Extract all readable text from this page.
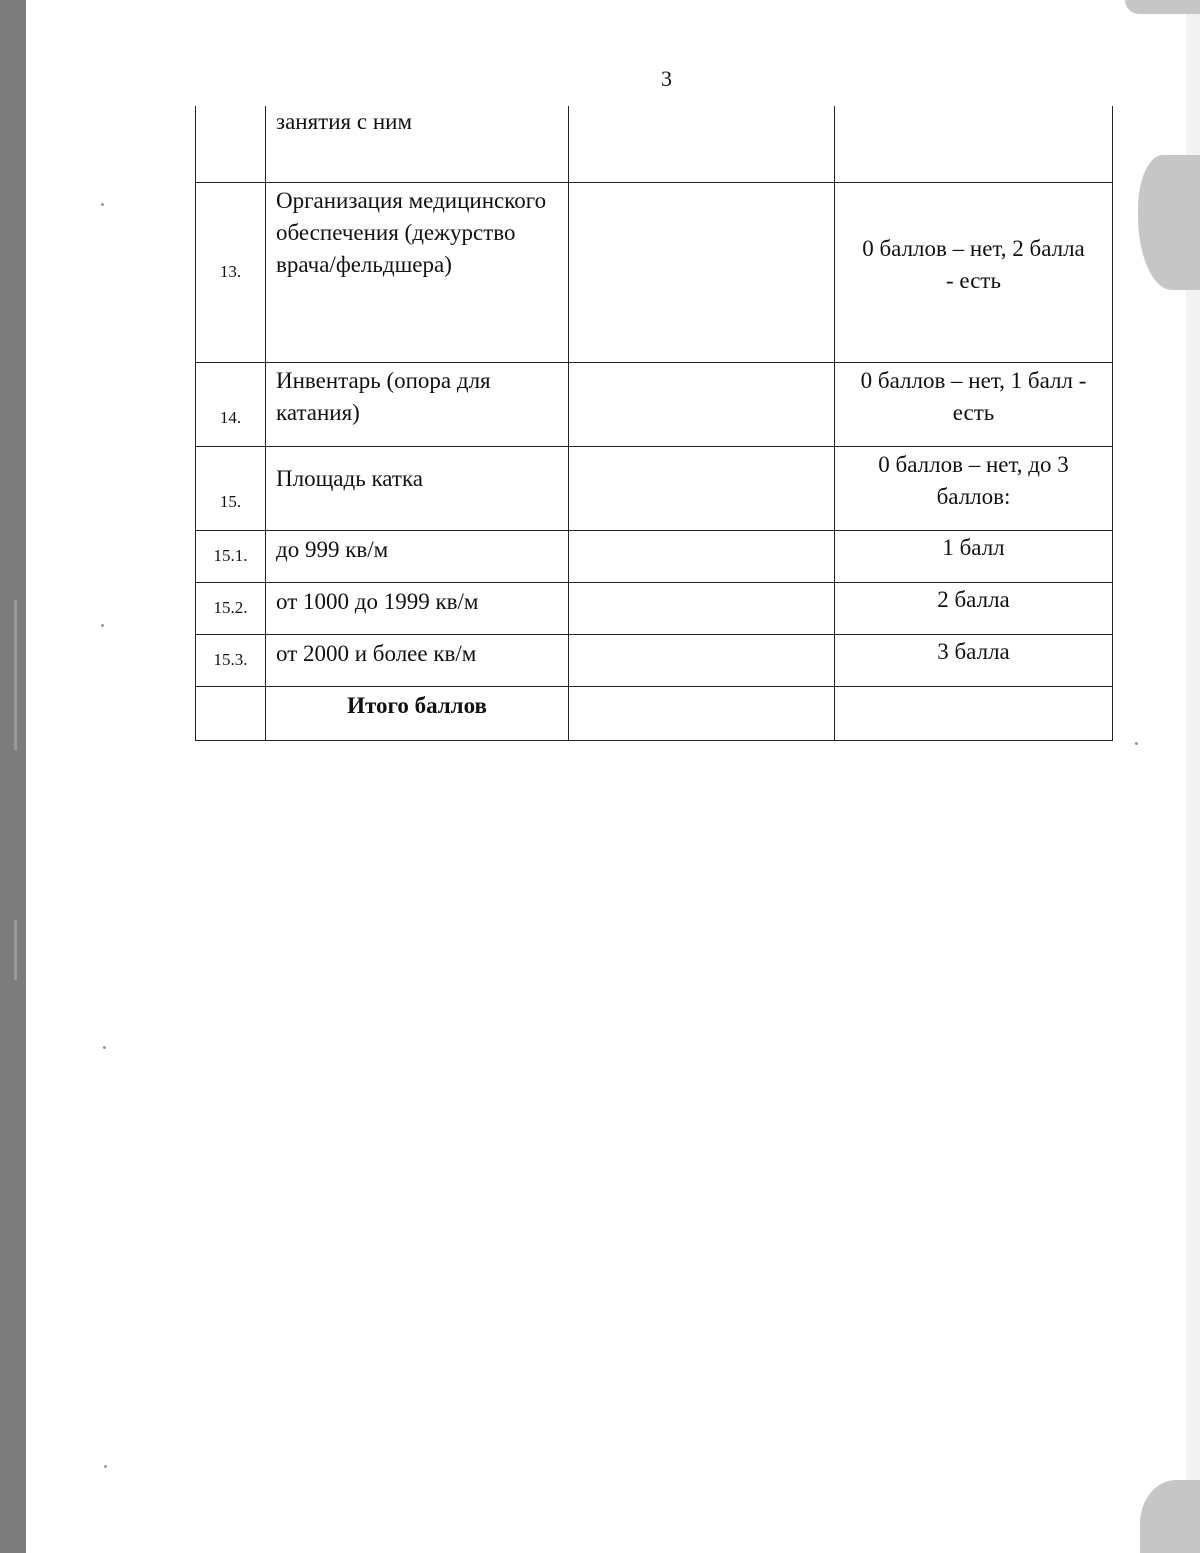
3
	занятия с ним		
13.	Организация медицинского обеспечения (дежурство врача/фельдшера)		0 баллов – нет, 2 балла - есть
14.	Инвентарь (опора для катания)		0 баллов – нет, 1 балл - есть
15.	Площадь катка		0 баллов – нет, до 3 баллов:
15.1.	до 999 кв/м		1 балл
15.2.	от 1000 до 1999 кв/м		2 балла
15.3.	от 2000 и более кв/м		3 балла
	Итого баллов		
